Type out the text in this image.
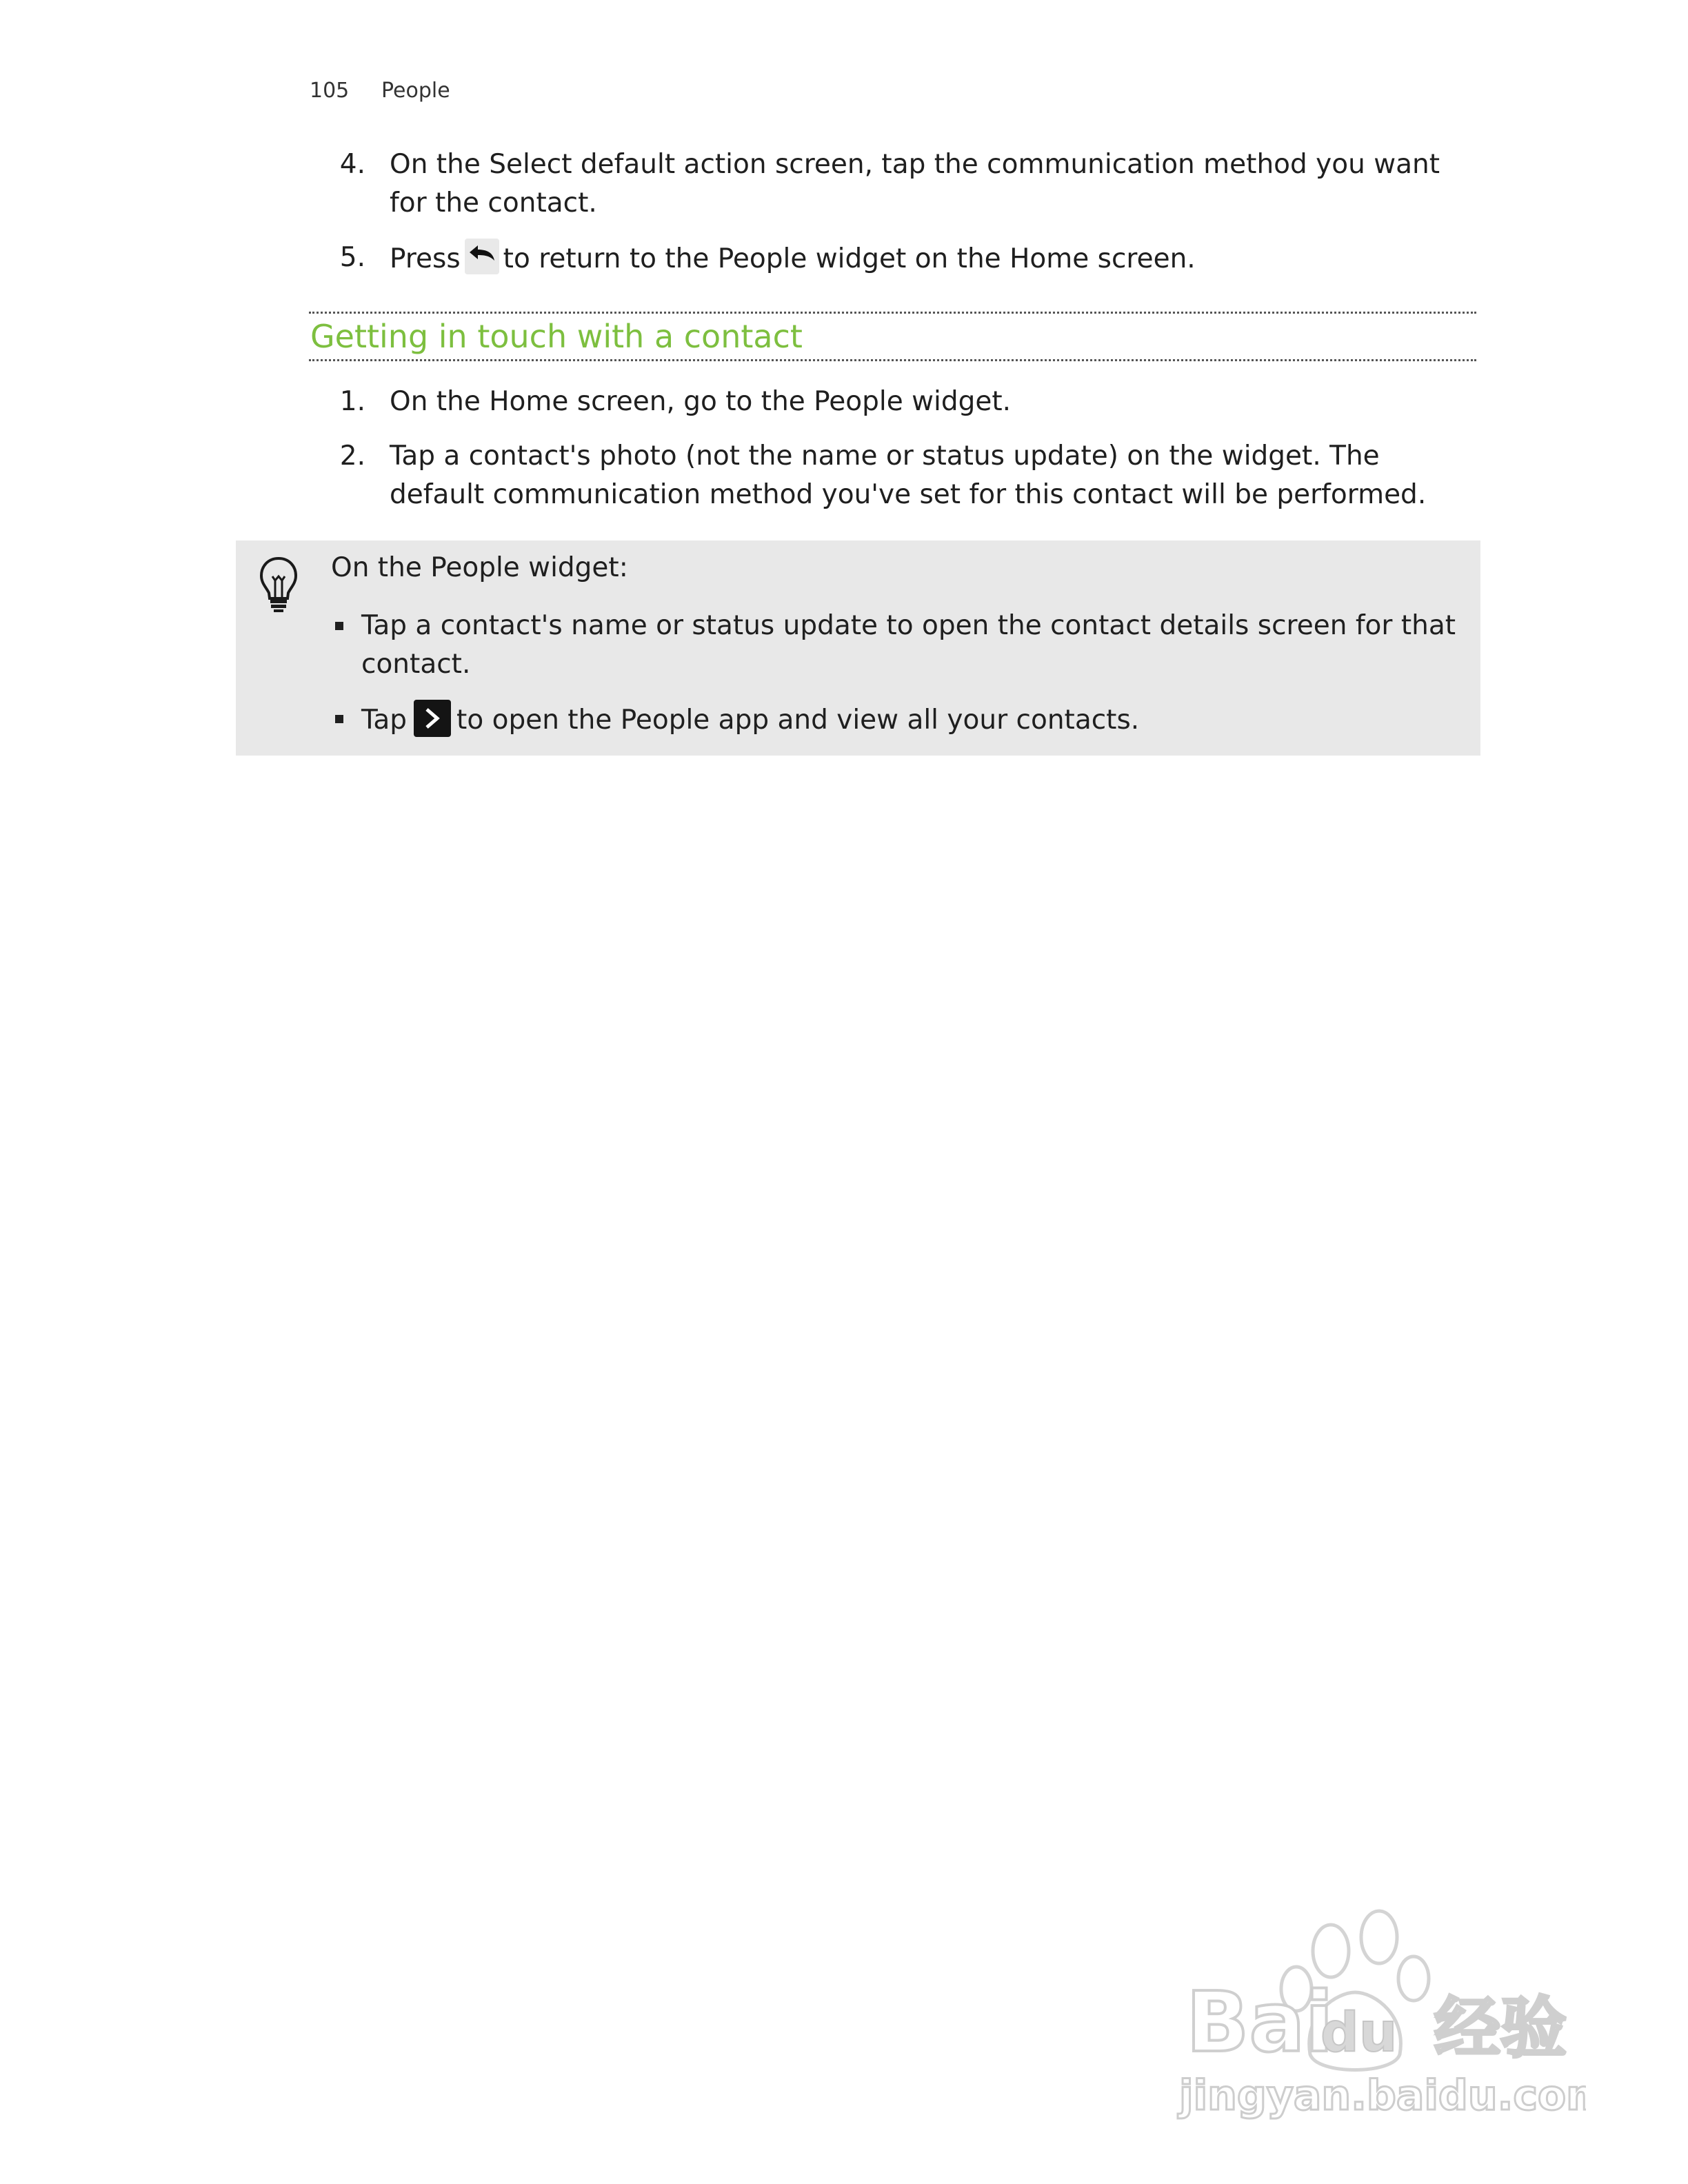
105 People
4. On the Select default action screen, tap the communication method you want for the contact.
5. Press to return to the People widget on the Home screen.
Getting in touch with a contact
1. On the Home screen, go to the People widget.
2. Tap a contact's photo (not the name or status update) on the widget. The default communication method you've set for this contact will be performed.
On the People widget:
Tap a contact's name or status update to open the contact details screen for that contact.
Tap to open the People app and view all your contacts.
Bai
du 经验
jingyan.baidu.com
